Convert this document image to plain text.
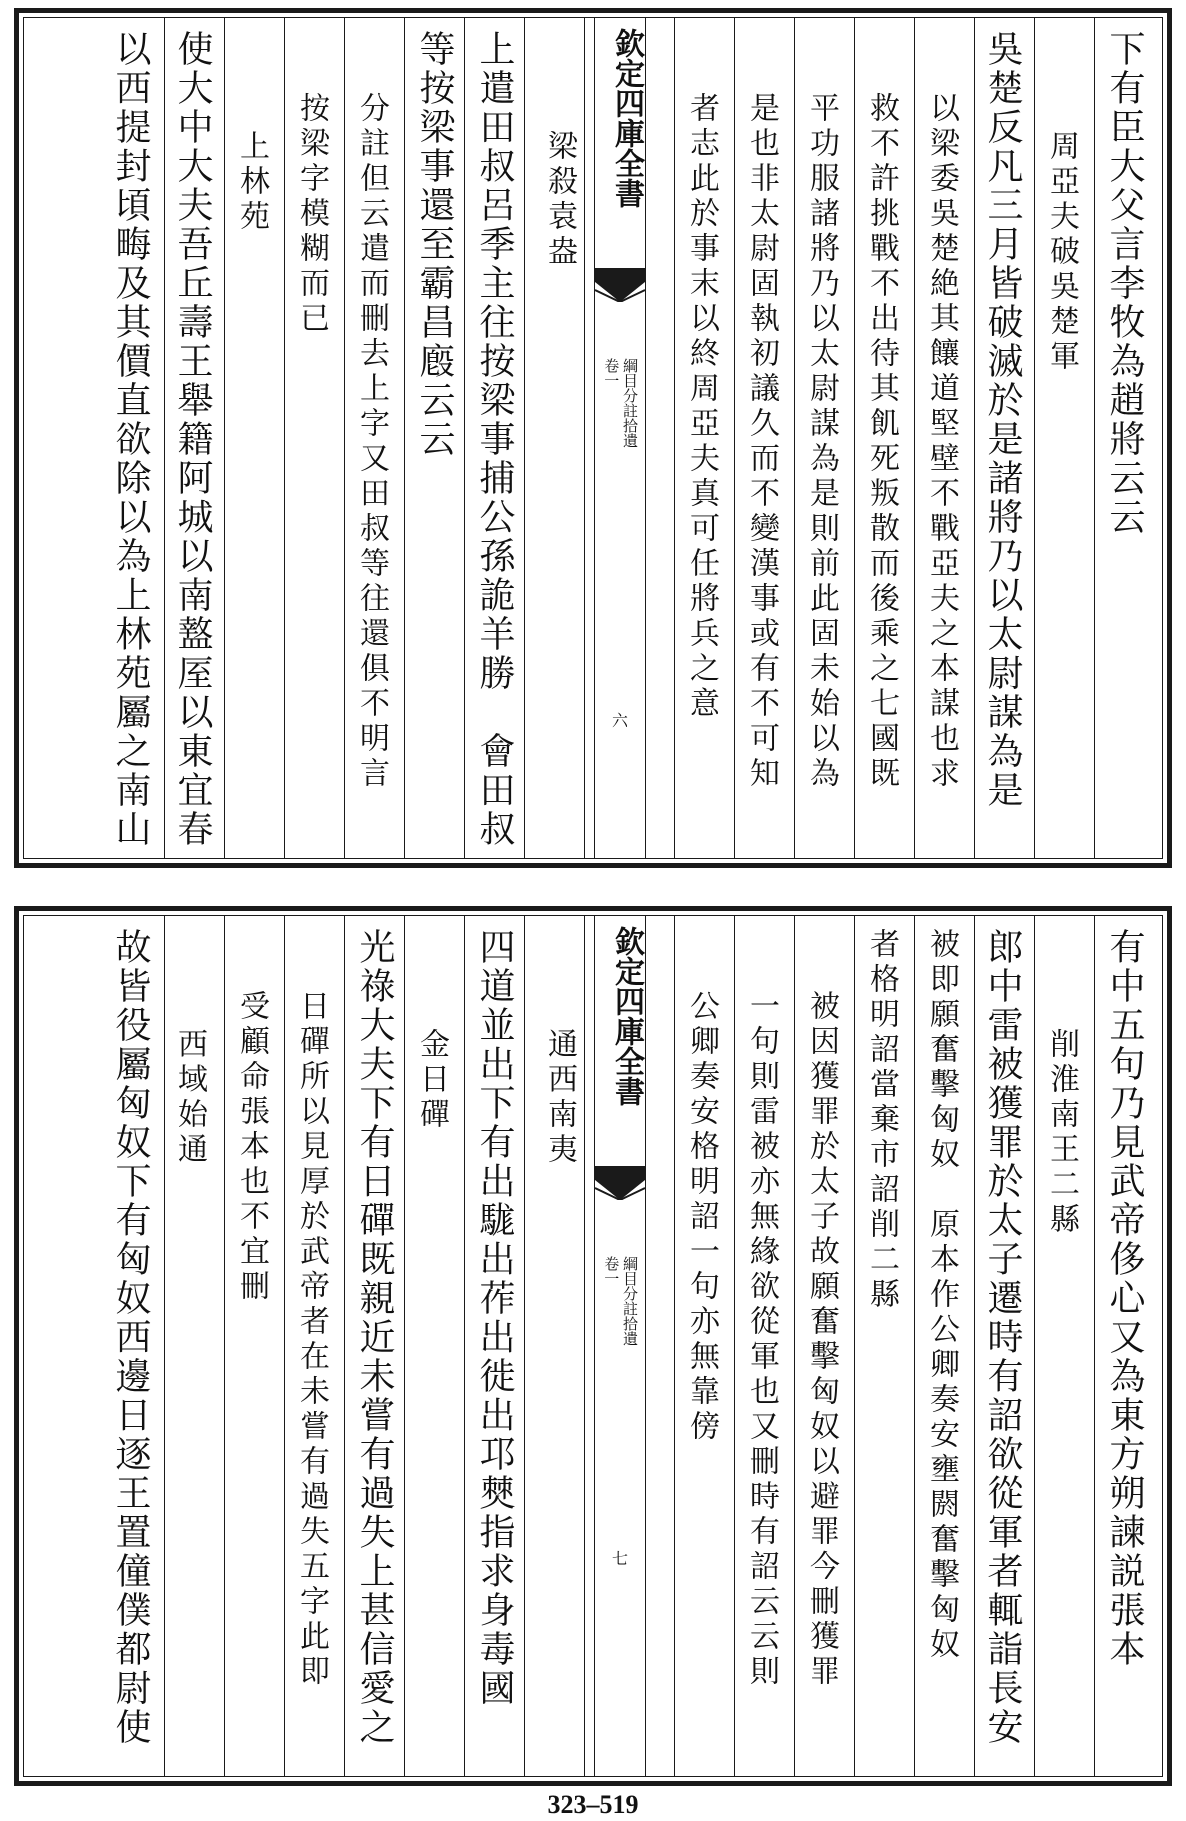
下有臣大父言李牧為趙將云云
周亞夫破吳楚軍
吳楚反凡三月皆破滅於是諸將乃以太尉謀為是
以梁委吳楚絶其饟道堅壁不戰亞夫之本謀也求
救不許挑戰不出待其飢死叛散而後乘之七國既
平功服諸將乃以太尉謀為是則前此固未始以為
是也非太尉固執初議久而不變漢事或有不可知
者志此於事末以終周亞夫真可任將兵之意
欽定四庫全書
綱目分註拾遺
卷一
六
梁殺袁盎
上遣田叔呂季主往按梁事捕公孫詭羊勝　會田叔
等按梁事還至霸昌廏云云
分註但云遣而刪去上字又田叔等往還俱不明言
按梁字模糊而已
上林苑
使大中大夫吾丘壽王舉籍阿城以南盩厔以東宜春
以西提封頃畮及其價直欲除以為上林苑屬之南山
有中五句乃見武帝侈心又為東方朔諫説張本
削淮南王二縣
郎中雷被獲罪於太子遷時有詔欲從軍者輒詣長安
被即願奮擊匈奴　原本作公卿奏安壅閼奮擊匈奴
者格明詔當棄市詔削二縣
被因獲罪於太子故願奮擊匈奴以避罪今刪獲罪
一句則雷被亦無緣欲從軍也又刪時有詔云云則
公卿奏安格明詔一句亦無靠傍
欽定四庫全書
綱目分註拾遺
卷一
七
通西南夷
四道並出下有出駹出莋出徙出邛僰指求身毒國
金日磾
光祿大夫下有日磾既親近未嘗有過失上甚信愛之
日磾所以見厚於武帝者在未嘗有過失五字此即
受顧命張本也不宜刪
西域始通
故皆役屬匈奴下有匈奴西邊日逐王置僮僕都尉使
323–519
